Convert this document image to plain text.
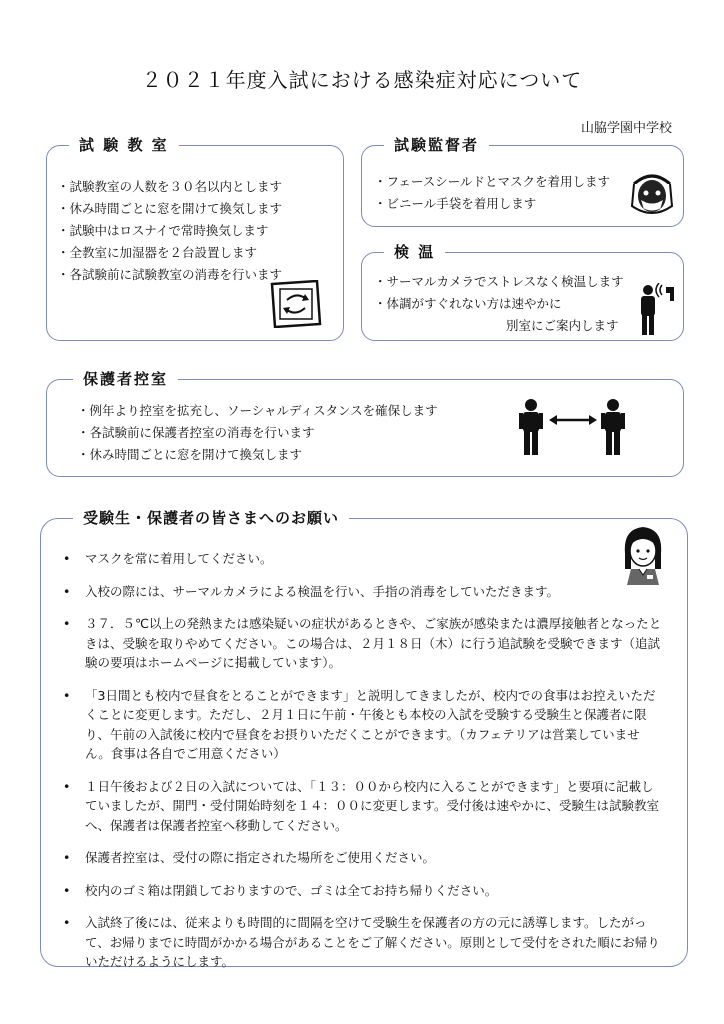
２０２１年度入試における感染症対応について
山脇学園中学校
試 験 教 室
・ 試験教室の人数を３０名以内とします
・ 休み時間ごとに窓を開けて換気します
・ 試験中はロスナイで常時換気します
・ 全教室に加湿器を２台設置します
・ 各試験前に試験教室の消毒を行います
試験監督者
・ フェースシールドとマスクを着用します
・ ビニール手袋を着用します
検 温
・ サーマルカメラでストレスなく検温します
・ 体調がすぐれない方は速やかに
別室にご案内します
保護者控室
・ 例年より控室を拡充し、ソーシャルディスタンスを確保します
・ 各試験前に保護者控室の消毒を行います
・ 休み時間ごとに窓を開けて換気します
受験生・保護者の皆さまへのお願い
• マスクを常に着用してください。
• 入校の際には、サーマルカメラによる検温を行い、手指の消毒をしていただきます。
• ３７．５℃以上の発熱または感染疑いの症状があるときや、ご家族が感染または濃厚接触者となったときは、受験を取りやめてください。この場合は、２月１８日（木）に行う追試験を受験できます（追試験の要項はホームページに掲載しています）。
• 「3日間とも校内で昼食をとることができます」と説明してきましたが、校内での食事はお控えいただくことに変更します。ただし、２月１日に午前・午後とも本校の入試を受験する受験生と保護者に限り、午前の入試後に校内で昼食をお摂りいただくことができます。（カフェテリアは営業していません。食事は各自でご用意ください）
• １日午後および２日の入試については、「１３：００から校内に入ることができます」と要項に記載していましたが、開門・受付開始時刻を１４：００に変更します。受付後は速やかに、受験生は試験教室へ、保護者は保護者控室へ移動してください。
• 保護者控室は、受付の際に指定された場所をご使用ください。
• 校内のゴミ箱は閉鎖しておりますので、ゴミは全てお持ち帰りください。
• 入試終了後には、従来よりも時間的に間隔を空けて受験生を保護者の方の元に誘導します。したがって、お帰りまでに時間がかかる場合があることをご了解ください。原則として受付をされた順にお帰りいただけるようにします。
